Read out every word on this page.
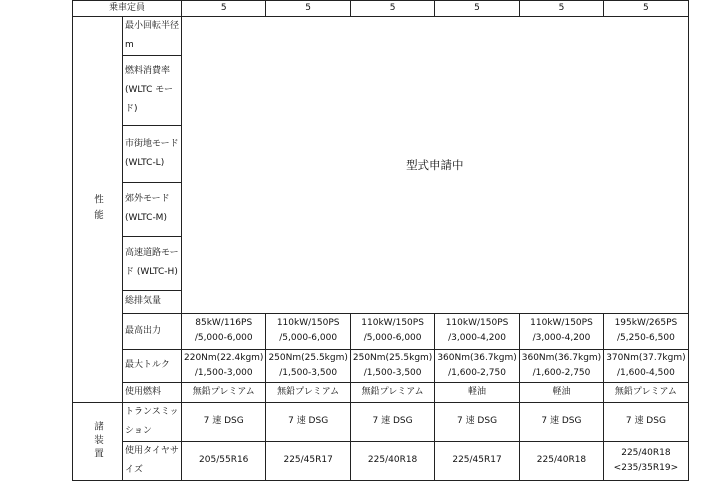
乗車定員		5	5	5	5	5	5
性能	最小回転半径 m	型式申請中					
	燃料消費率 (WLTC モード)						
	市街地モード (WLTC-L)						
	郊外モード (WLTC-M)						
	高速道路モード (WLTC-H)						
	総排気量						
	最高出力	85kW/116PS /5,000-6,000	110kW/150PS /5,000-6,000	110kW/150PS /5,000-6,000	110kW/150PS /3,000-4,200	110kW/150PS /3,000-4,200	195kW/265PS /5,250-6,500
	最大トルク	220Nm(22.4kgm) /1,500-3,000	250Nm(25.5kgm) /1,500-3,500	250Nm(25.5kgm) /1,500-3,500	360Nm(36.7kgm) /1,600-2,750	360Nm(36.7kgm) /1,600-2,750	370Nm(37.7kgm) /1,600-4,500
	使用燃料	無鉛プレミアム	無鉛プレミアム	無鉛プレミアム	軽油	軽油	無鉛プレミアム
諸装置	トランスミッション	7 速 DSG	7 速 DSG	7 速 DSG	7 速 DSG	7 速 DSG	7 速 DSG
	使用タイヤサイズ	205/55R16	225/45R17	225/40R18	225/45R17	225/40R18	225/40R18 <235/35R19>
